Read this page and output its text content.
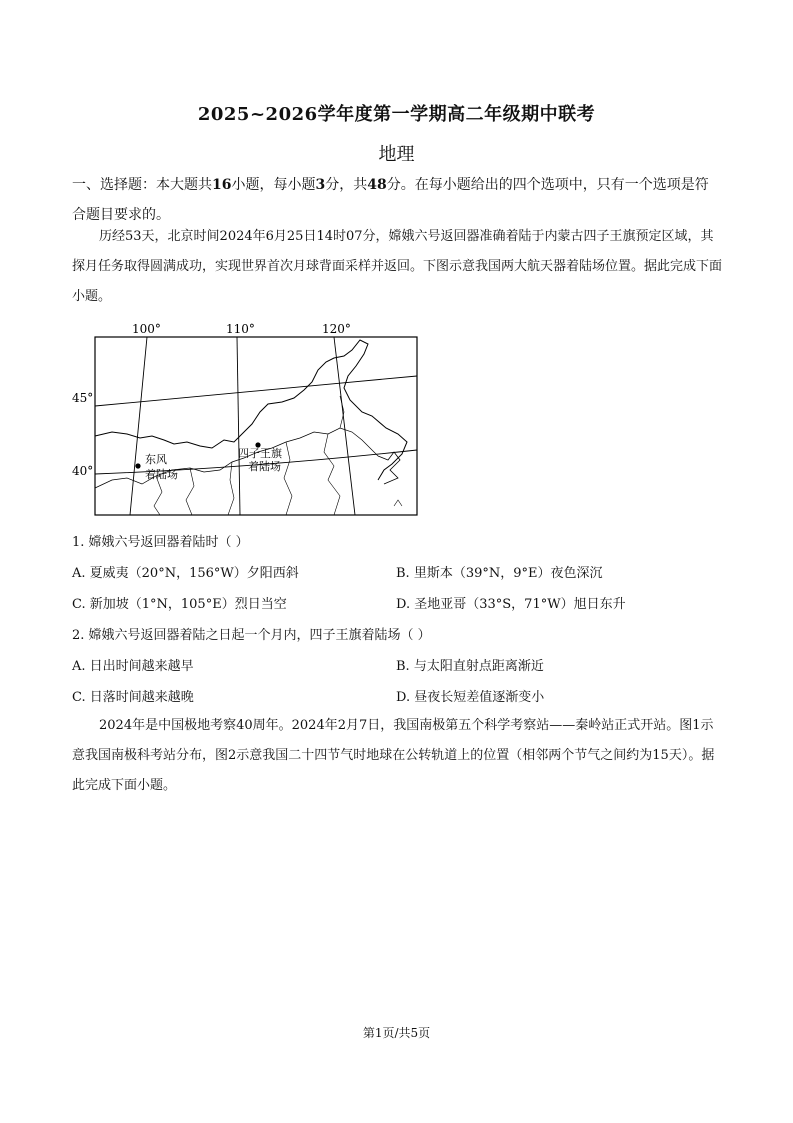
2025~2026学年度第一学期高二年级期中联考
地理
一、选择题：本大题共16小题，每小题3分，共48分。在每小题给出的四个选项中，只有一个选项是符合题目要求的。
历经53天，北京时间2024年6月25日14时07分，嫦娥六号返回器准确着陆于内蒙古四子王旗预定区域，其探月任务取得圆满成功，实现世界首次月球背面采样并返回。下图示意我国两大航天器着陆场位置。据此完成下面小题。
东风
着陆场
四子王旗
着陆场
100°	110°	120°
45°
40°
1. 嫦娥六号返回器着陆时（ ）
A. 夏威夷（20°N，156°W）夕阳西斜	B. 里斯本（39°N，9°E）夜色深沉
C. 新加坡（1°N，105°E）烈日当空	D. 圣地亚哥（33°S，71°W）旭日东升
2. 嫦娥六号返回器着陆之日起一个月内，四子王旗着陆场（ ）
A. 日出时间越来越早	B. 与太阳直射点距离渐近
C. 日落时间越来越晚	D. 昼夜长短差值逐渐变小
2024年是中国极地考察40周年。2024年2月7日，我国南极第五个科学考察站——秦岭站正式开站。图1示意我国南极科考站分布，图2示意我国二十四节气时地球在公转轨道上的位置（相邻两个节气之间约为15天）。据此完成下面小题。
第1页/共5页
